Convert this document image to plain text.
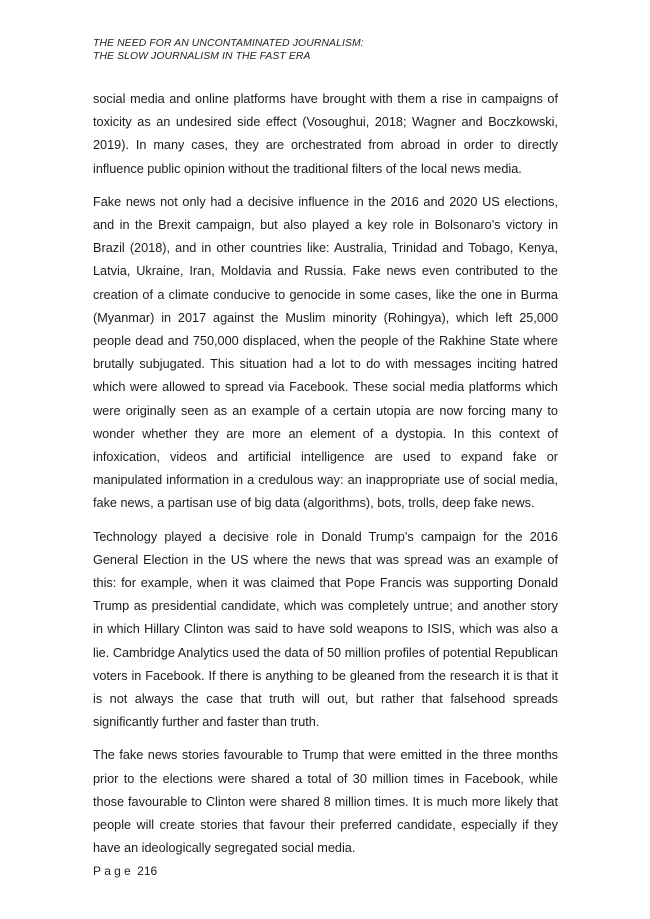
THE NEED FOR AN UNCONTAMINATED JOURNALISM:
THE SLOW JOURNALISM IN THE FAST ERA

social media and online platforms have brought with them a rise in campaigns of toxicity as an undesired side effect (Vosoughui, 2018; Wagner and Boczkowski, 2019). In many cases, they are orchestrated from abroad in order to directly influence public opinion without the traditional filters of the local news media.

Fake news not only had a decisive influence in the 2016 and 2020 US elections, and in the Brexit campaign, but also played a key role in Bolsonaro's victory in Brazil (2018), and in other countries like: Australia, Trinidad and Tobago, Kenya, Latvia, Ukraine, Iran, Moldavia and Russia. Fake news even contributed to the creation of a climate conducive to genocide in some cases, like the one in Burma (Myanmar) in 2017 against the Muslim minority (Rohingya), which left 25,000 people dead and 750,000 displaced, when the people of the Rakhine State where brutally subjugated. This situation had a lot to do with messages inciting hatred which were allowed to spread via Facebook. These social media platforms which were originally seen as an example of a certain utopia are now forcing many to wonder whether they are more an element of a dystopia. In this context of infoxication, videos and artificial intelligence are used to expand fake or manipulated information in a credulous way: an inappropriate use of social media, fake news, a partisan use of big data (algorithms), bots, trolls, deep fake news.

Technology played a decisive role in Donald Trump’s campaign for the 2016 General Election in the US where the news that was spread was an example of this: for example, when it was claimed that Pope Francis was supporting Donald Trump as presidential candidate, which was completely untrue; and another story in which Hillary Clinton was said to have sold weapons to ISIS, which was also a lie. Cambridge Analytics used the data of 50 million profiles of potential Republican voters in Facebook. If there is anything to be gleaned from the research it is that it is not always the case that truth will out, but rather that falsehood spreads significantly further and faster than truth.

The fake news stories favourable to Trump that were emitted in the three months prior to the elections were shared a total of 30 million times in Facebook, while those favourable to Clinton were shared 8 million times. It is much more likely that people will create stories that favour their preferred candidate, especially if they have an ideologically segregated social media.

Page 216
